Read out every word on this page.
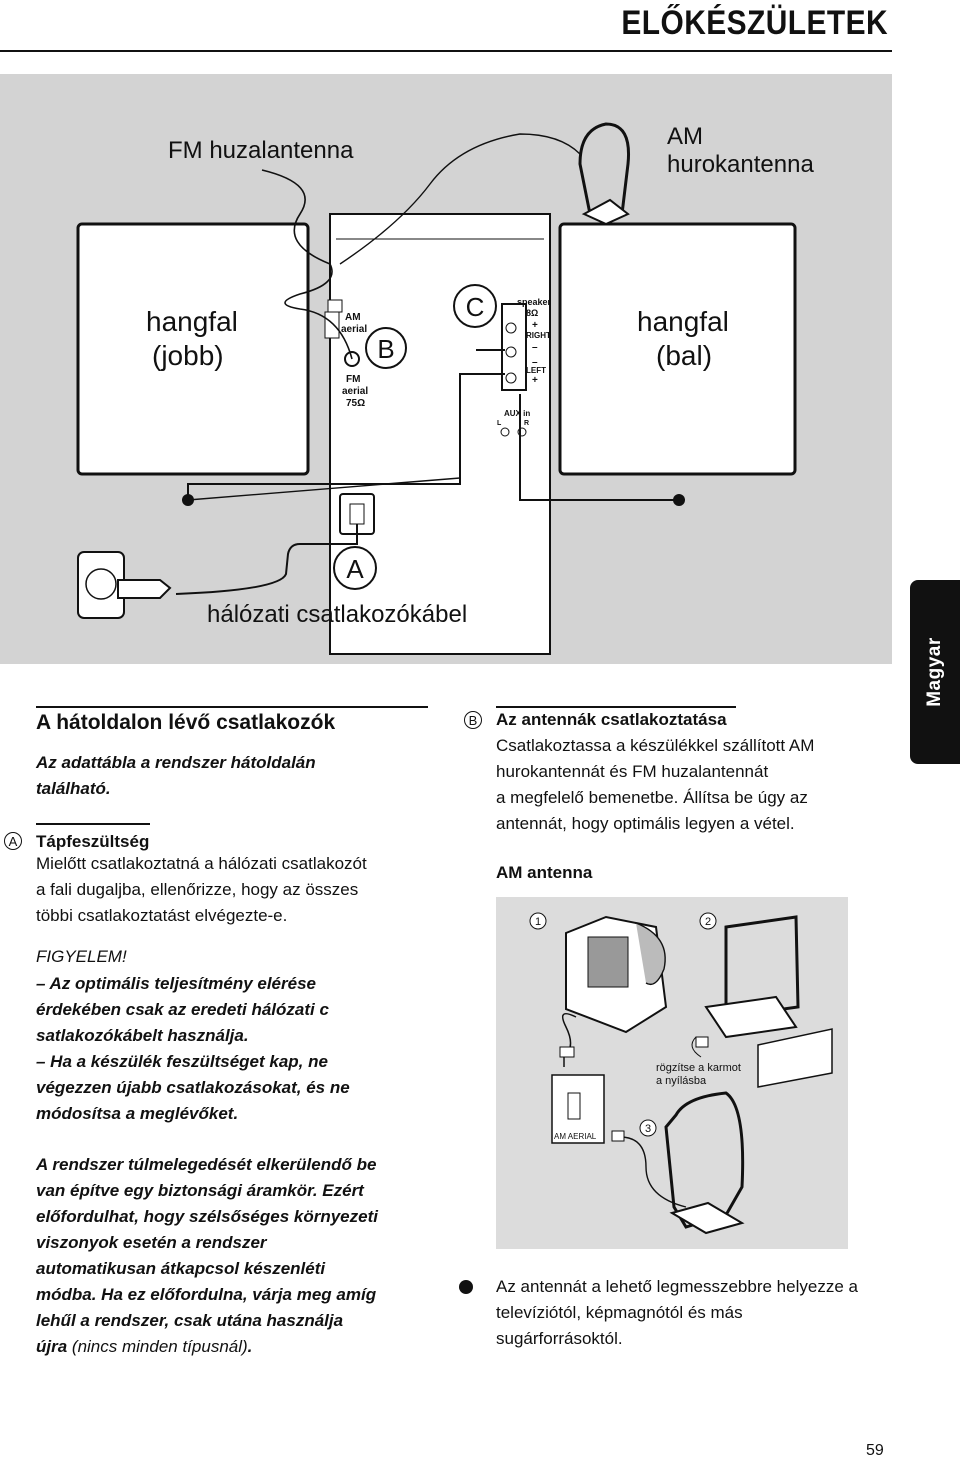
ELŐKÉSZÜLETEK
FM huzalantenna
AM
hurokantenna
hangfal
(jobb)
hangfal
(bal)
B
C
A
AM
aerial
FM
aerial
75Ω
speaker
8Ω
+
RIGHT
–
–
LEFT
+
AUX in
L	R
hálózati csatlakozókábel
Magyar
A hátoldalon lévő csatlakozók
Az adattábla a rendszer hátoldalán
található.
A Tápfeszültség
Mielőtt csatlakoztatná a hálózati csatlakozót
a fali dugaljba, ellenőrizze, hogy az összes
többi csatlakoztatást elvégezte-e.
FIGYELEM!
– Az optimális teljesítmény elérése
érdekében csak az eredeti hálózati c
satlakozókábelt használja.
– Ha a készülék feszültséget kap, ne
végezzen újabb csatlakozásokat, és ne
módosítsa a meglévőket.
A rendszer túlmelegedését elkerülendő be
van építve egy biztonsági áramkör. Ezért
előfordulhat, hogy szélsőséges környezeti
viszonyok esetén a rendszer
automatikusan átkapcsol készenléti
módba. Ha ez előfordulna, várja meg amíg
lehűl a rendszer, csak utána használja
újra (nincs minden típusnál).
B Az antennák csatlakoztatása
Csatlakoztassa a készülékkel szállított AM
hurokantennát és FM huzalantennát
a megfelelő bemenetbe. Állítsa be úgy az
antennát, hogy optimális legyen a vétel.
AM antenna
1	2
3
rögzítse a karmot
a nyílásba
AM AERIAL
Az antennát a lehető legmesszebbre helyezze a
televíziótól, képmagnótól és más
sugárforrásoktól.
59
